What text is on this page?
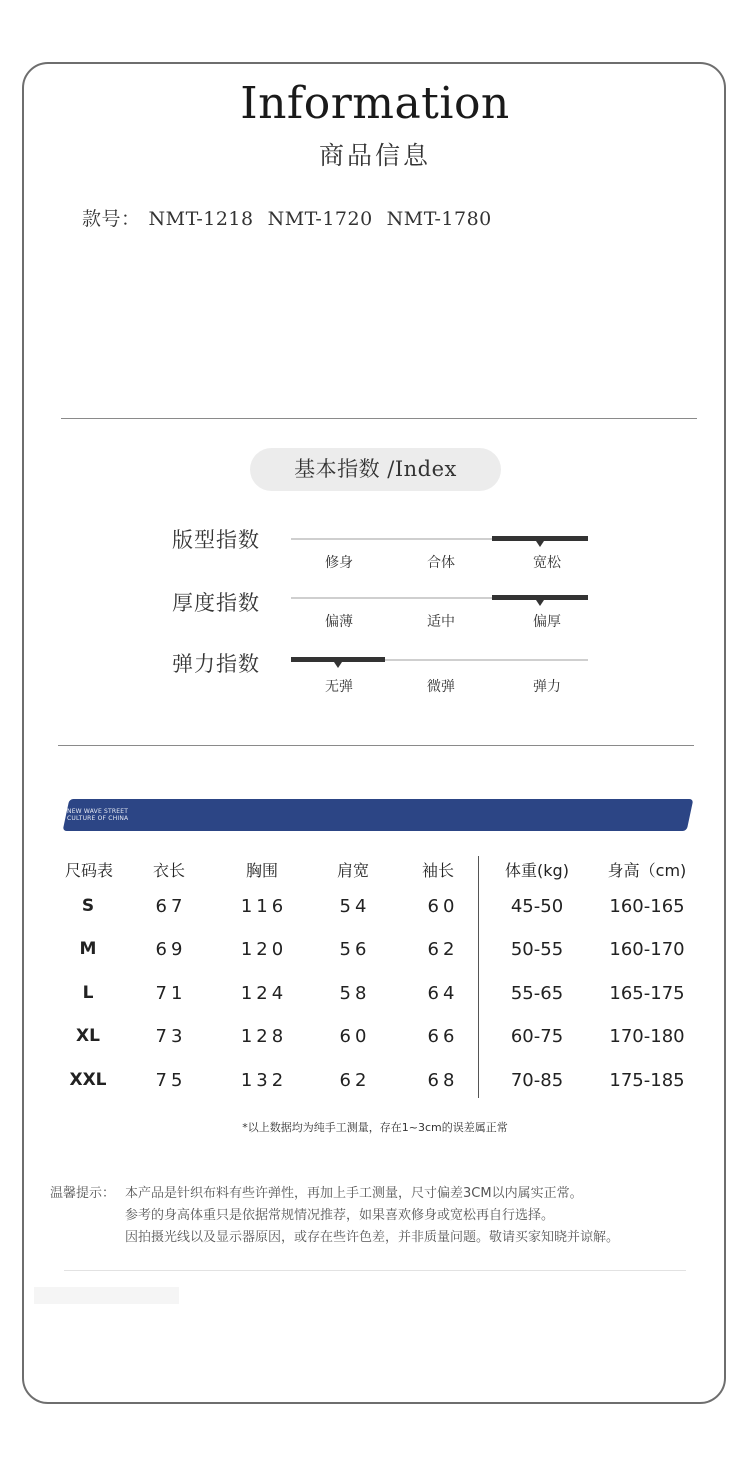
Information
商品信息
款号： NMT-1218 NMT-1720 NMT-1780
基本指数 /Index
版型指数
修身	合体	宽松
厚度指数
偏薄	适中	偏厚
弹力指数
无弹	微弹	弹力
NEW WAVE STREET
CULTURE OF CHINA
尺码表	衣长	胸围	肩宽	袖长	体重(kg)	身高（cm)
S	67	116	54	60	45-50	160-165
M	69	120	56	62	50-55	160-170
L	71	124	58	64	55-65	165-175
XL	73	128	60	66	60-75	170-180
XXL	75	132	62	68	70-85	175-185
*以上数据均为纯手工测量，存在1~3cm的误差属正常
温馨提示： 本产品是针织布料有些许弹性，再加上手工测量，尺寸偏差3CM以内属实正常。
参考的身高体重只是依据常规情况推荐，如果喜欢修身或宽松再自行选择。
因拍摄光线以及显示器原因，或存在些许色差，并非质量问题。敬请买家知晓并谅解。
